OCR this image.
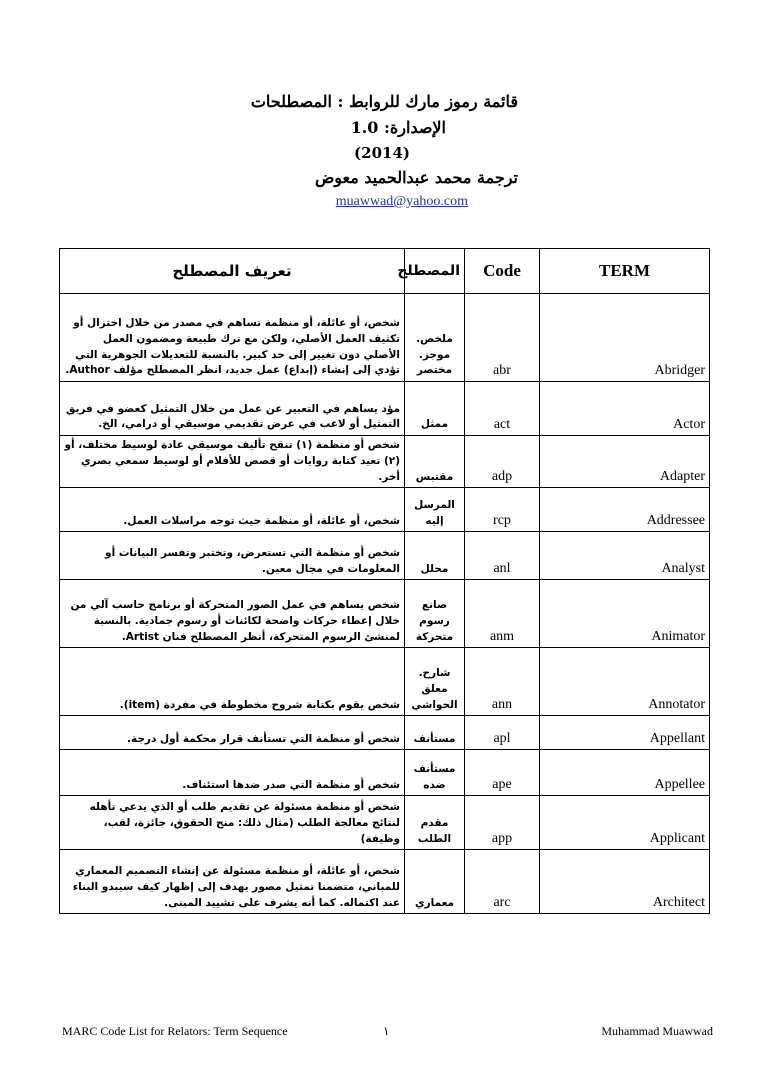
قائمة رموز مارك للروابط : المصطلحات
الإصدارة: 1.0
(2014)
ترجمة محمد عبدالحميد معوض
muawwad@yahoo.com
تعريف المصطلح	المصطلح	Code	TERM
شخص، أو عائلة، أو منظمة تساهم في مصدر من خلال اختزال أو تكثيف العمل الأصلي، ولكن مع ترك طبيعة ومضمون العمل الأصلي دون تغيير إلى حد كبير. بالنسبة للتعديلات الجوهرية التي تؤدي إلى إنشاء (إبداع) عمل جديد، انظر المصطلح مؤلف Author.	ملخص. موجز. مختصر	abr	Abridger
مؤد يساهم في التعبير عن عمل من خلال التمثيل كعضو في فريق التمثيل أو لاعب في عرض تقديمي موسيقي أو درامي، الخ.	ممثل	act	Actor
شخص أو منظمة (١) تنقح تأليف موسيقي عادة لوسيط مختلف، أو (٢) تعيد كتابة روايات أو قصص للأفلام أو لوسيط سمعي بصري أخر.	مقتبس	adp	Adapter
شخص، أو عائلة، أو منظمة حيث توجه مراسلات العمل.	المرسل إليه	rcp	Addressee
شخص أو منظمة التي تستعرض، وتختبر وتفسر البيانات أو المعلومات في مجال معين.	محلل	anl	Analyst
شخص يساهم في عمل الصور المتحركة أو برنامج حاسب آلي من خلال إعطاء حركات واضحة لكائنات أو رسوم جمادية. بالنسبة لمنشئ الرسوم المتحركة، أنظر المصطلح فنان Artist.	صانع رسوم متحركة	anm	Animator
شخص يقوم بكتابة شروح مخطوطة في مفردة (item).	شارح. معلق الحواشي	ann	Annotator
شخص أو منظمة التي تستأنف قرار محكمة أول درجة.	مستأنف	apl	Appellant
شخص أو منظمة التي صدر ضدها استئناف.	مستأنف ضده	ape	Appellee
شخص أو منظمة مسئولة عن تقديم طلب أو الذي يدعي تأهله لنتائج معالجة الطلب (مثال ذلك: منح الحقوق، جائزة، لقب، وظيفة)	مقدم الطلب	app	Applicant
شخص، أو عائلة، أو منظمة مسئولة عن إنشاء التصميم المعماري للمباني، متضمنا تمثيل مصور يهدف إلى إظهار كيف سيبدو البناء عند اكتماله. كما أنه يشرف على تشييد المبنى.	معماري	arc	Architect
MARC Code List for Relators: Term Sequence	١	Muhammad Muawwad
